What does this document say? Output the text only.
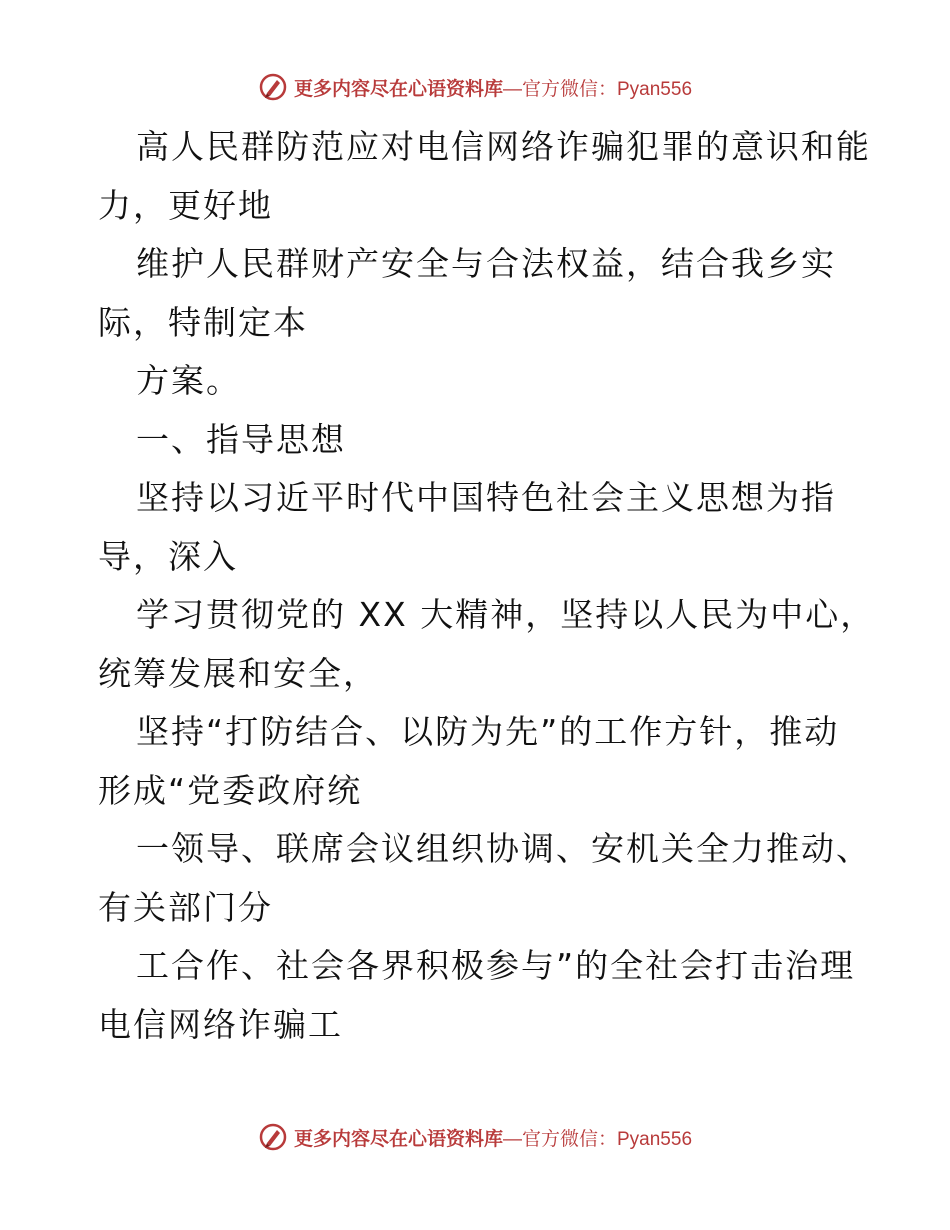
更多内容尽在心语资料库—官方微信：Pyan556
高人民群防范应对电信网络诈骗犯罪的意识和能
力，更好地
维护人民群财产安全与合法权益，结合我乡实
际，特制定本
方案。
一、指导思想
坚持以习近平时代中国特色社会主义思想为指
导，深入
学习贯彻党的 XX 大精神，坚持以人民为中心，
统筹发展和安全，
坚持“打防结合、以防为先”的工作方针，推动
形成“党委政府统
一领导、联席会议组织协调、安机关全力推动、
有关部门分
工合作、社会各界积极参与”的全社会打击治理
电信网络诈骗工
更多内容尽在心语资料库—官方微信：Pyan556
